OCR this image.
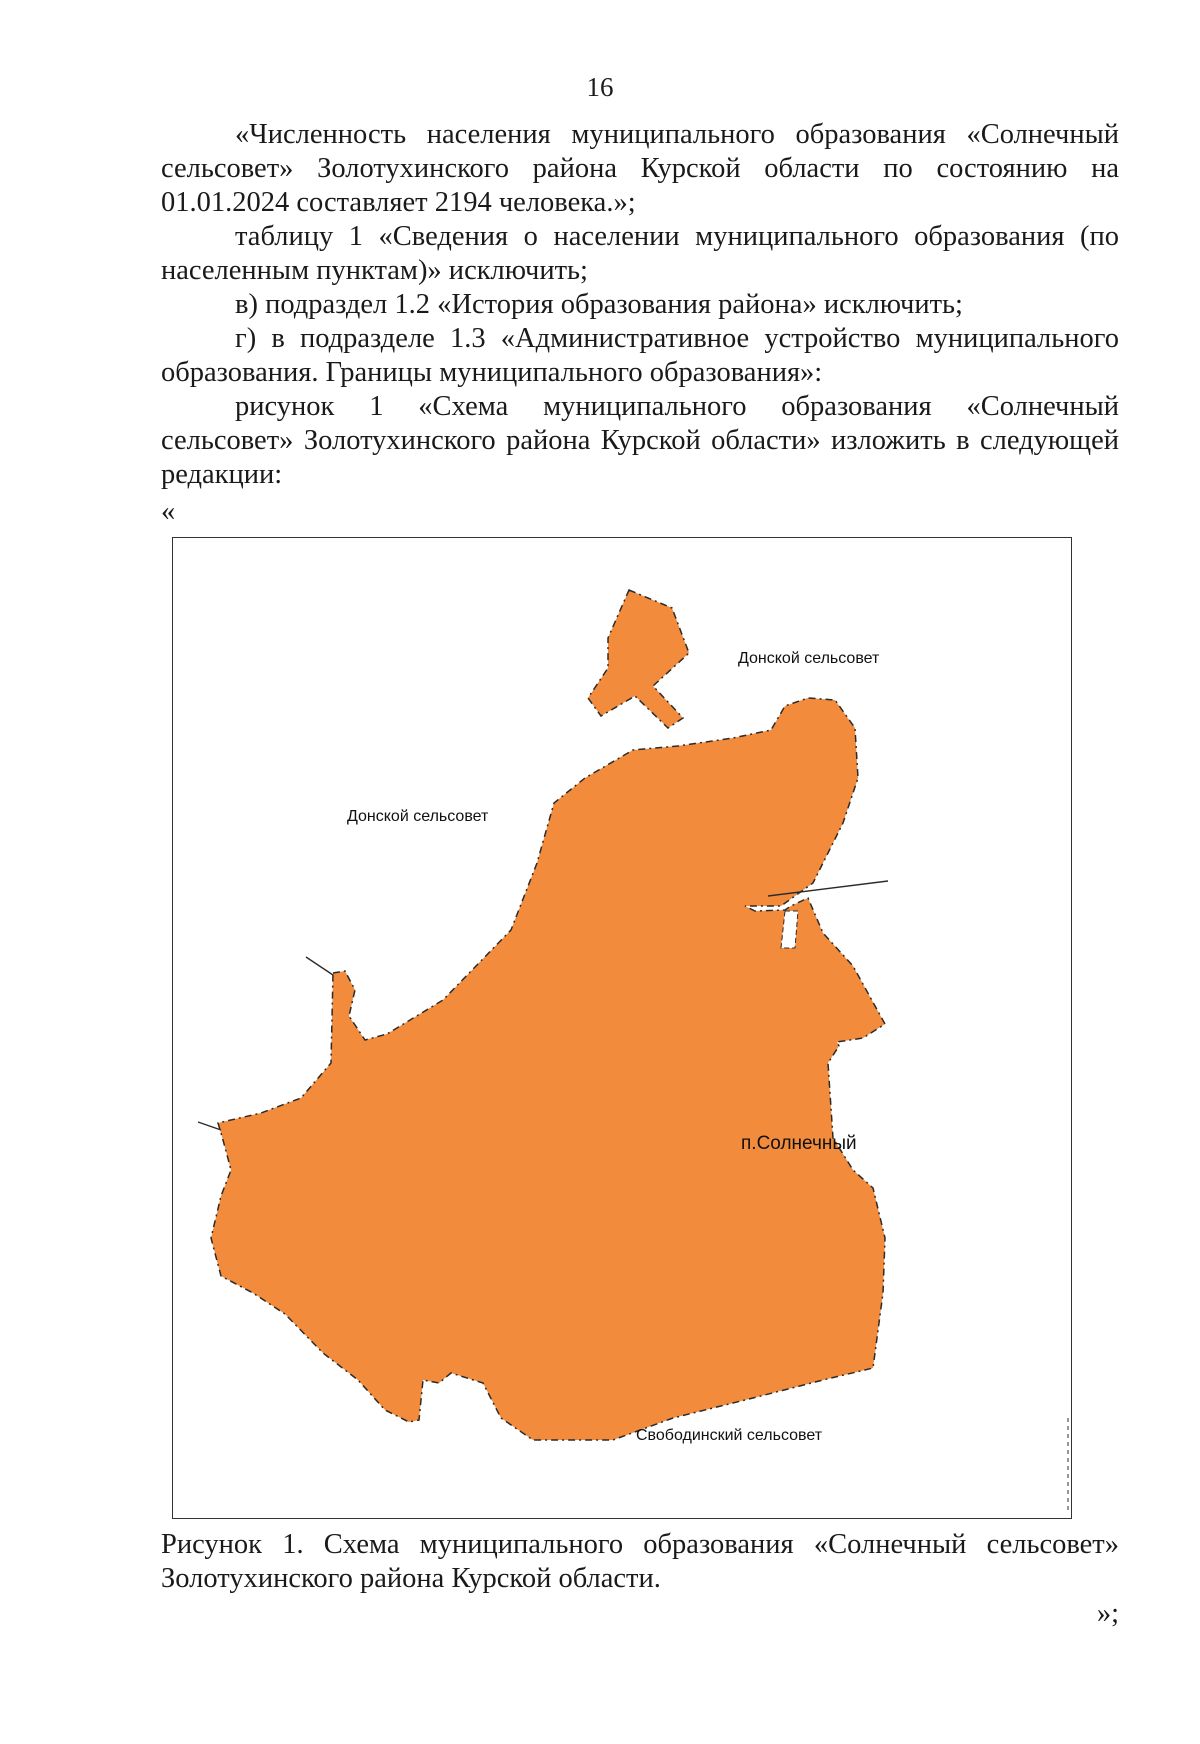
16

«Численность населения муниципального образования «Солнечный сельсовет» Золотухинского района Курской области по состоянию на 01.01.2024 составляет 2194 человека.»;

таблицу 1 «Сведения о населении муниципального образования (по населенным пунктам)» исключить;

в) подраздел 1.2 «История образования района» исключить;

г) в подразделе 1.3 «Административное устройство муниципального образования. Границы муниципального образования»:

рисунок 1 «Схема муниципального образования «Солнечный сельсовет» Золотухинского района Курской области» изложить в следующей редакции:

«
Донской сельсовет
Донской сельсовет
п.Солнечный
Свободинский сельсовет

Рисунок 1. Схема муниципального образования «Солнечный сельсовет» Золотухинского района Курской области.

»;
